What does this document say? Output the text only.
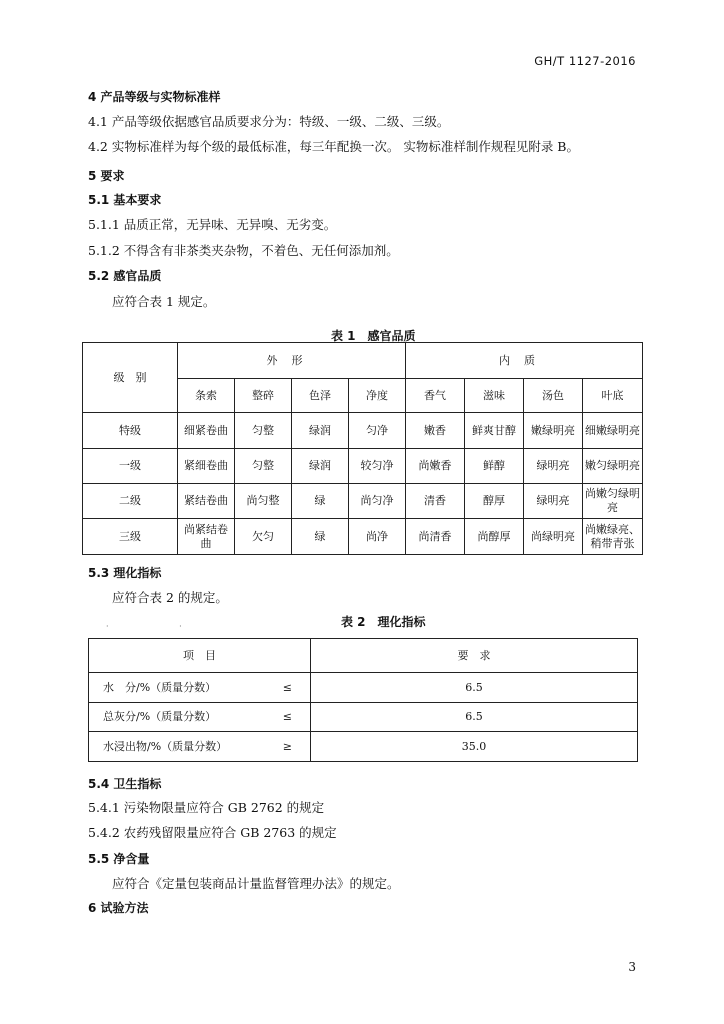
GH/T 1127-2016
4 产品等级与实物标准样
4.1 产品等级依据感官品质要求分为：特级、一级、二级、三级。
4.2 实物标准样为每个级的最低标准，每三年配换一次。 实物标准样制作规程见附录 B。
5 要求
5.1 基本要求
5.1.1 品质正常，无异味、无异嗅、无劣变。
5.1.2 不得含有非茶类夹杂物，不着色、无任何添加剂。
5.2 感官品质
应符合表 1 规定。
表 1　感官品质
级　别	外形				内质			
	条索	整碎	色泽	净度	香气	滋味	汤色	叶底
特级	细紧卷曲	匀整	绿润	匀净	嫩香	鲜爽甘醇	嫩绿明亮	细嫩绿明亮
一级	紧细卷曲	匀整	绿润	较匀净	尚嫩香	鲜醇	绿明亮	嫩匀绿明亮
二级	紧结卷曲	尚匀整	绿	尚匀净	清香	醇厚	绿明亮	尚嫩匀绿明亮
三级	尚紧结卷曲	欠匀	绿	尚净	尚清香	尚醇厚	尚绿明亮	尚嫩绿亮、稍带青张
5.3 理化指标
应符合表 2 的规定。
· ·	表 2　理化指标
项　目	要　求
水　分/%（质量分数） ≤	6.5
总灰分/%（质量分数） ≤	6.5
水浸出物/%（质量分数） ≥	35.0
5.4 卫生指标
5.4.1 污染物限量应符合 GB 2762 的规定
5.4.2 农药残留限量应符合 GB 2763 的规定
5.5 净含量
应符合《定量包装商品计量监督管理办法》的规定。
6 试验方法
3
